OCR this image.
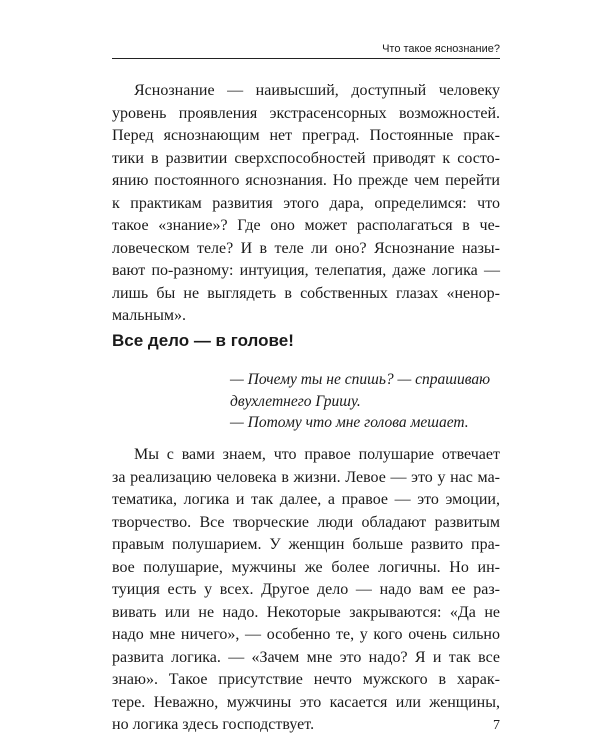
Что такое яснознание?
Яснознание — наивысший, доступный человеку
уровень проявления экстрасенсорных возможностей.
Перед яснознающим нет преград. Постоянные прак-
тики в развитии сверхспособностей приводят к состо-
янию постоянного яснознания. Но прежде чем перейти
к практикам развития этого дара, определимся: что
такое «знание»? Где оно может располагаться в че-
ловеческом теле? И в теле ли оно? Яснознание назы-
вают по-разному: интуиция, телепатия, даже логика —
лишь бы не выглядеть в собственных глазах «ненор-
мальным».
Все дело — в голове!
— Почему ты не спишь? — спрашиваю
двухлетнего Гришу.
— Потому что мне голова мешает.
Мы с вами знаем, что правое полушарие отвечает
за реализацию человека в жизни. Левое — это у нас ма-
тематика, логика и так далее, а правое — это эмоции,
творчество. Все творческие люди обладают развитым
правым полушарием. У женщин больше развито пра-
вое полушарие, мужчины же более логичны. Но ин-
туиция есть у всех. Другое дело — надо вам ее раз-
вивать или не надо. Некоторые закрываются: «Да не
надо мне ничего», — особенно те, у кого очень сильно
развита логика. — «Зачем мне это надо? Я и так все
знаю». Такое присутствие нечто мужского в харак-
тере. Неважно, мужчины это касается или женщины,
но логика здесь господствует.	7
